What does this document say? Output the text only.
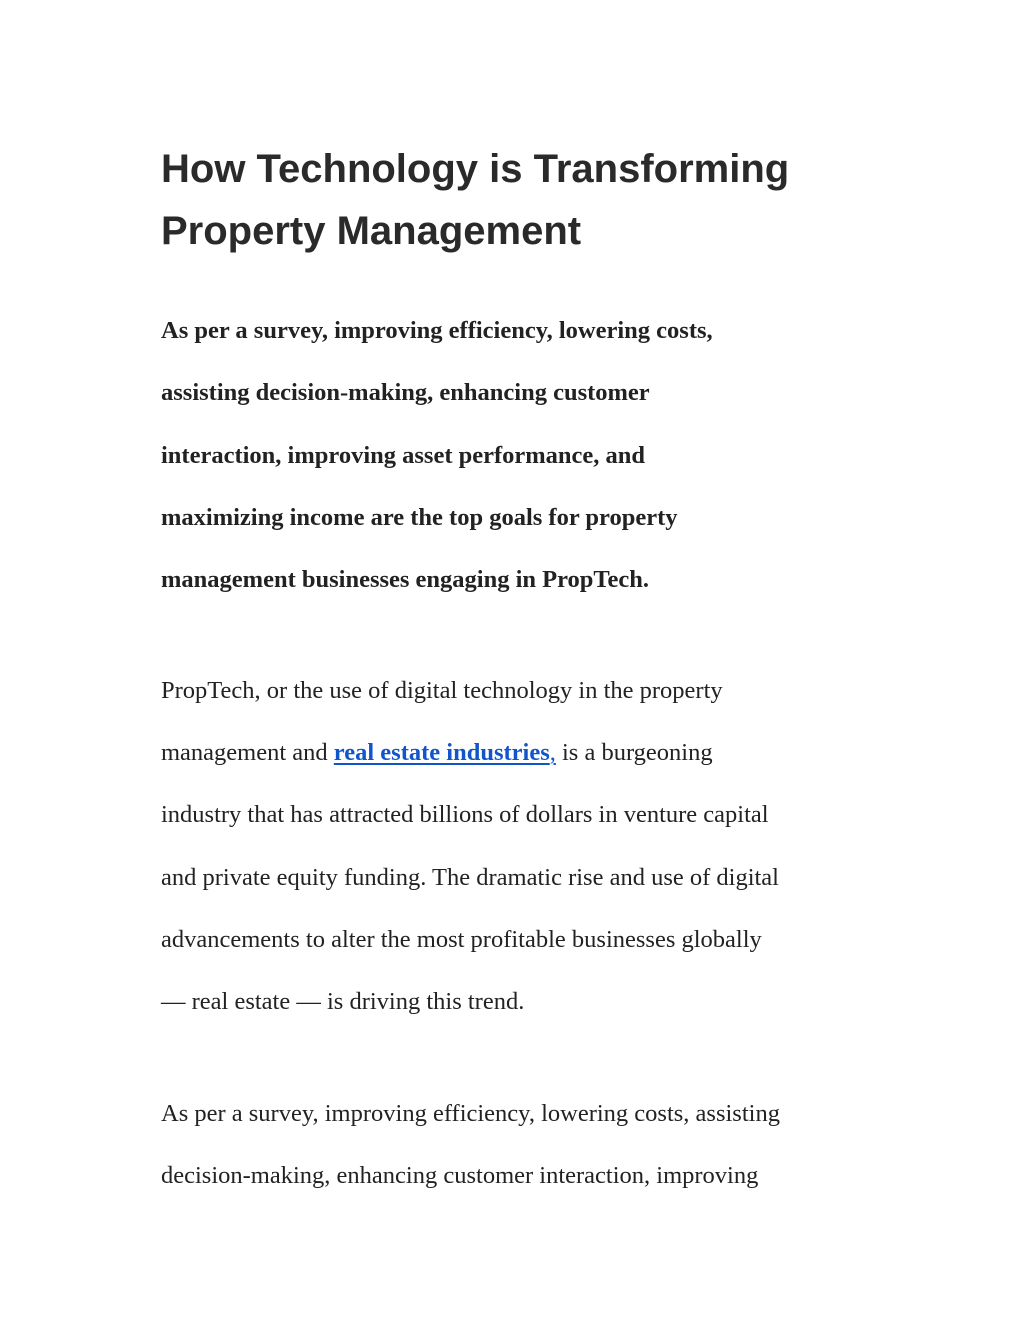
How Technology is Transforming
Property Management

As per a survey, improving efficiency, lowering costs,
assisting decision-making, enhancing customer
interaction, improving asset performance, and
maximizing income are the top goals for property
management businesses engaging in PropTech.

PropTech, or the use of digital technology in the property
management and real estate industries, is a burgeoning
industry that has attracted billions of dollars in venture capital
and private equity funding. The dramatic rise and use of digital
advancements to alter the most profitable businesses globally
— real estate — is driving this trend.

As per a survey, improving efficiency, lowering costs, assisting
decision-making, enhancing customer interaction, improving
